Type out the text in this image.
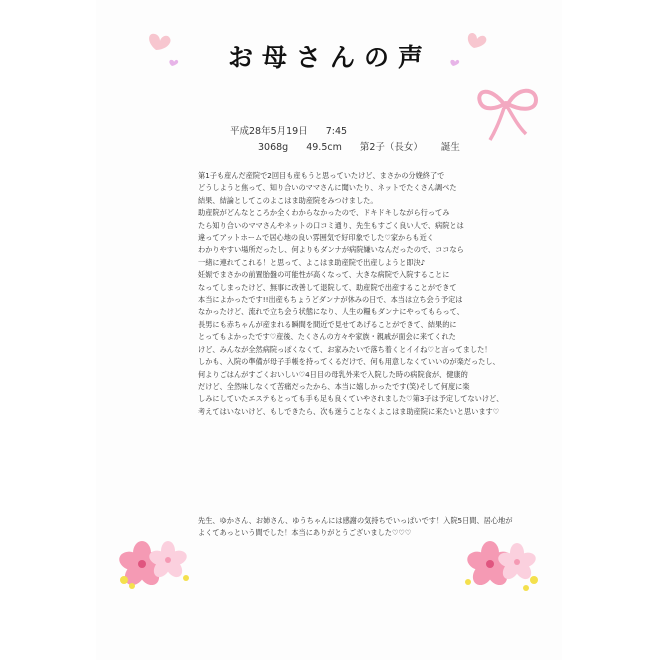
お母さんの声
平成28年5月19日 7:45
3068g 49.5cm 第2子（長女） 誕生

第1子も産んだ産院で2回目も産もうと思っていたけど、まさかの分娩終了で

どうしようと焦って、知り合いのママさんに聞いたり、ネットでたくさん調べた

結果、結論としてこのよこはま助産院をみつけました。

助産院がどんなところか全くわからなかったので、ドキドキしながら行ってみ

たら知り合いのママさんやネットの口コミ通り、先生もすごく良い人で、病院とは

違ってアットホームで居心地の良い雰囲気で好印象でした♡家からも近く

わかりやすい場所だったし、何よりもダンナが病院嫌いなんだったので、ココなら

一緒に連れてこれる！と思って、よこはま助産院で出産しようと即決♪

妊娠でまさかの前置胎盤の可能性が高くなって、大きな病院で入院することに

なってしまったけど、無事に改善して退院して、助産院で出産することができて

本当によかったです!!出産もちょうどダンナが休みの日で、本当は立ち会う予定は

なかったけど、流れで立ち会う状態になり、人生の糧もダンナにやってもらって、

長男にも赤ちゃんが産まれる瞬間を間近で見せてあげることができて、結果的に

とってもよかったです♡産後、たくさんの方々や家族・親戚が面会に来てくれた

けど、みんなが全然病院っぽくなくて、お家みたいで落ち着くとイイね♡と言ってました！

しかも、入院の準備が母子手帳を持ってくるだけで、何も用意しなくていいのが楽だったし、

何よりごはんがすごくおいしい♡4日目の母乳外来で入院した時の病院食が、健康的

だけど、全然味しなくて苦痛だったから、本当に嬉しかったです(笑)そして何度に楽

しみにしていたエステもとっても手も足も良くていやされました♡第3子は予定してないけど、

考えてはいないけど、もしできたら、次も迷うことなくよこはま助産院に来たいと思います♡

先生、ゆかさん、お姉さん、ゆうちゃんには感謝の気持ちでいっぱいです！入院5日間、居心地が

よくてあっという間でした！本当にありがとうございました♡♡♡
